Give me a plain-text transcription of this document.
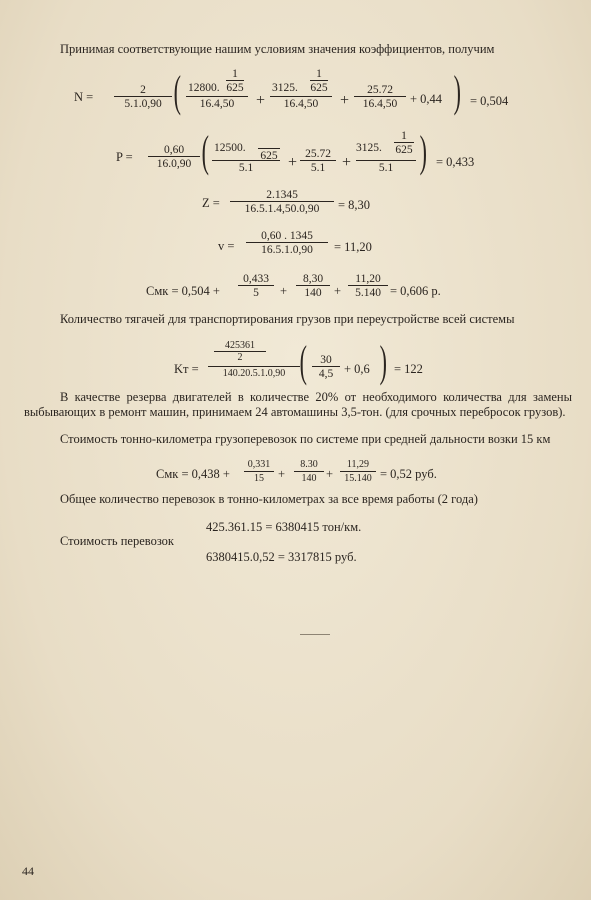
Принимая соответствующие нашим условиям значения коэффициентов, получим
$N = \frac{2}{5.1.0,90}$ ( 12800. $\frac{1}{625}$
16.4,50	+
3125. $\frac{1}{625}$
16.4,50	+ $\frac{25.72}{16.4,50} + 0,44$ ) = 0,504
$P = \frac{0,60}{16.0,90}$ ( 12500.
625
5.1	+ $\frac{25.72}{5.1}$ +
3125. $\frac{1}{625}$
5.1 ) = 0,433
$Z = \frac{2.1345}{16.5.1.4,50.0,90} = 8,30$
$v = \frac{0,60 . 1345}{16.5.1.0,90} = 11,20$
Cмк = $0,504 + \frac{0,433}{5} + \frac{8,30}{140} + \frac{11,20}{5.140} = 0,606$ р.
Количество тягачей для транспортирования грузов при переустройстве всей системы
Kт =
$\frac{425361}{2}$
140.20.5.1.0,90 ( $\frac{30}{4,5} + 0,6$ ) = 122
В качестве резерва двигателей в количестве 20% от необходимого количества для замены выбывающих в ремонт машин, принимаем 24 автомашины 3,5-тон. (для срочных перебросок грузов).
Стоимость тонно-километра грузоперевозок по системе при средней дальности возки 15 км
Cмк = $0,438 + \frac{0,331}{15} + \frac{8.30}{140} + \frac{11,29}{15.140} = 0,52$ руб.
Общее количество перевозок в тонно-километрах за все время работы (2 года)
425.361.15 = 6380415 тон/км.
Стоимость перевозок
6380415.0,52 = 3317815 руб.
44
